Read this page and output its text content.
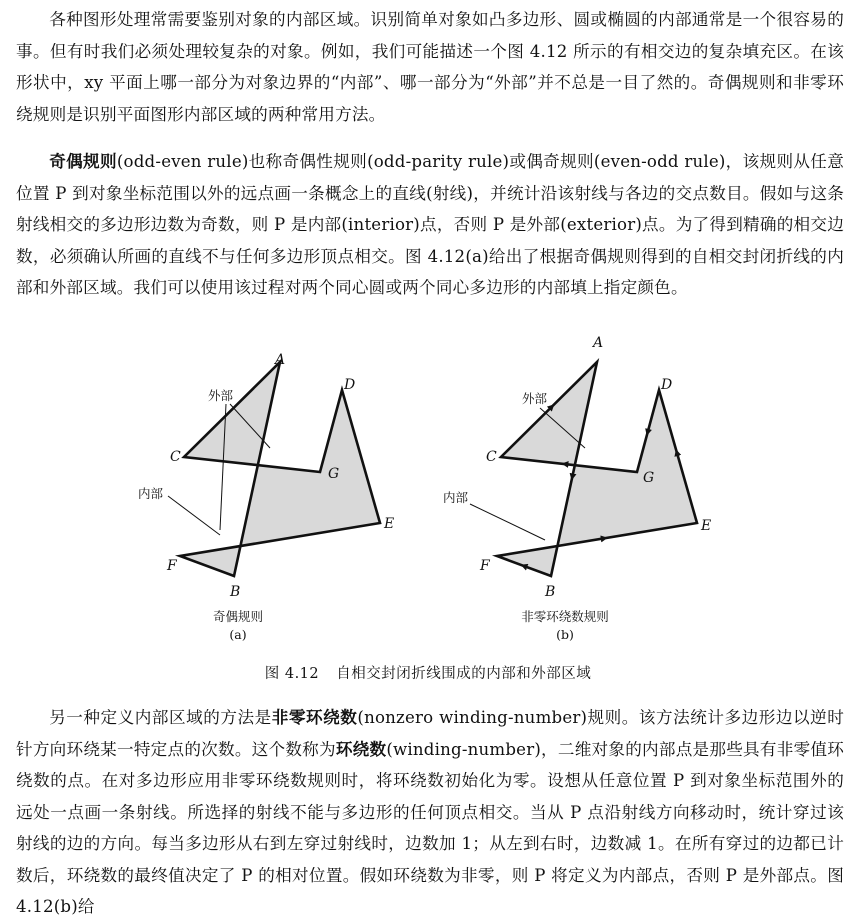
各种图形处理常需要鉴别对象的内部区域。识别简单对象如凸多边形、圆或椭圆的内部通常是一个很容易的事。但有时我们必须处理较复杂的对象。例如，我们可能描述一个图 4.12 所示的有相交边的复杂填充区。在该形状中，xy 平面上哪一部分为对象边界的“内部”、哪一部分为“外部”并不总是一目了然的。奇偶规则和非零环绕规则是识别平面图形内部区域的两种常用方法。

奇偶规则(odd-even rule)也称奇偶性规则(odd-parity rule)或偶奇规则(even-odd rule)，该规则从任意位置 P 到对象坐标范围以外的远点画一条概念上的直线(射线)，并统计沿该射线与各边的交点数目。假如与这条射线相交的多边形边数为奇数，则 P 是内部(interior)点，否则 P 是外部(exterior)点。为了得到精确的相交边数，必须确认所画的直线不与任何多边形顶点相交。图 4.12(a)给出了根据奇偶规则得到的自相交封闭折线的内部和外部区域。我们可以使用该过程对两个同心圆或两个同心多边形的内部填上指定颜色。

A
B
C
D
E
F
G
外部
内部
奇偶规则
(a)
A
B
C
D
E
F
G
外部
内部
非零环绕数规则
(b)
图 4.12 自相交封闭折线围成的内部和外部区域

另一种定义内部区域的方法是非零环绕数(nonzero winding-number)规则。该方法统计多边形边以逆时针方向环绕某一特定点的次数。这个数称为环绕数(winding-number)，二维对象的内部点是那些具有非零值环绕数的点。在对多边形应用非零环绕数规则时，将环绕数初始化为零。设想从任意位置 P 到对象坐标范围外的远处一点画一条射线。所选择的射线不能与多边形的任何顶点相交。当从 P 点沿射线方向移动时，统计穿过该射线的边的方向。每当多边形从右到左穿过射线时，边数加 1；从左到右时，边数减 1。在所有穿过的边都已计数后，环绕数的最终值决定了 P 的相对位置。假如环绕数为非零，则 P 将定义为内部点，否则 P 是外部点。图 4.12(b)给
